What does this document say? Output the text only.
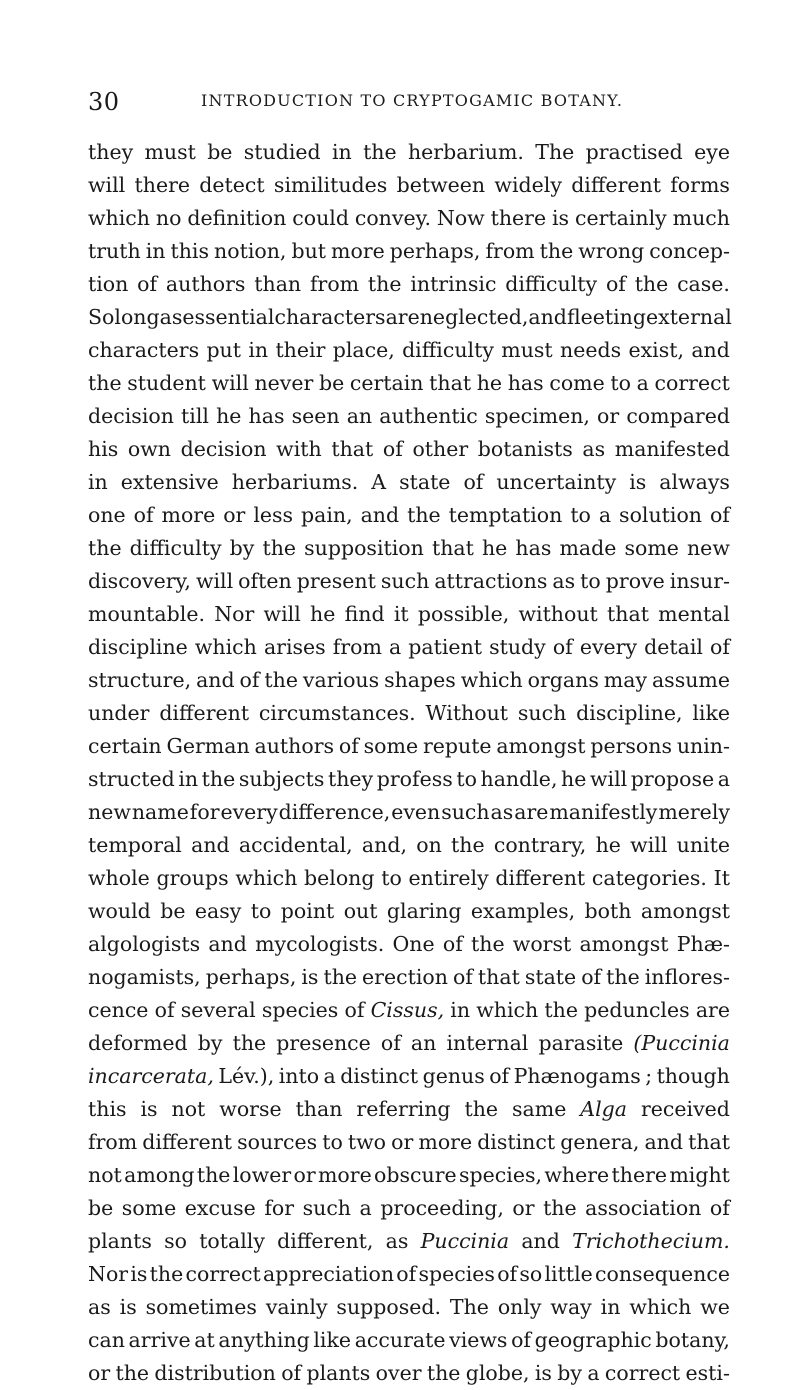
30	INTRODUCTION TO CRYPTOGAMIC BOTANY.
they must be studied in the herbarium. The practised eye
will there detect similitudes between widely different forms
which no definition could convey. Now there is certainly much
truth in this notion, but more perhaps, from the wrong concep-
tion of authors than from the intrinsic difficulty of the case.
So long as essential characters are neglected, and fleeting external
characters put in their place, difficulty must needs exist, and
the student will never be certain that he has come to a correct
decision till he has seen an authentic specimen, or compared
his own decision with that of other botanists as manifested
in extensive herbariums. A state of uncertainty is always
one of more or less pain, and the temptation to a solution of
the difficulty by the supposition that he has made some new
discovery, will often present such attractions as to prove insur-
mountable. Nor will he find it possible, without that mental
discipline which arises from a patient study of every detail of
structure, and of the various shapes which organs may assume
under different circumstances. Without such discipline, like
certain German authors of some repute amongst persons unin-
structed in the subjects they profess to handle, he will propose a
new name for every difference, even such as are manifestly merely
temporal and accidental, and, on the contrary, he will unite
whole groups which belong to entirely different categories. It
would be easy to point out glaring examples, both amongst
algologists and mycologists. One of the worst amongst Phæ-
nogamists, perhaps, is the erection of that state of the inflores-
cence of several species of Cissus, in which the peduncles are
deformed by the presence of an internal parasite (Puccinia
incarcerata, Lév.), into a distinct genus of Phænogams ; though
this is not worse than referring the same Alga received
from different sources to two or more distinct genera, and that
not among the lower or more obscure species, where there might
be some excuse for such a proceeding, or the association of
plants so totally different, as Puccinia and Trichothecium.
Nor is the correct appreciation of species of so little consequence
as is sometimes vainly supposed. The only way in which we
can arrive at anything like accurate views of geographic botany,
or the distribution of plants over the globe, is by a correct esti-
